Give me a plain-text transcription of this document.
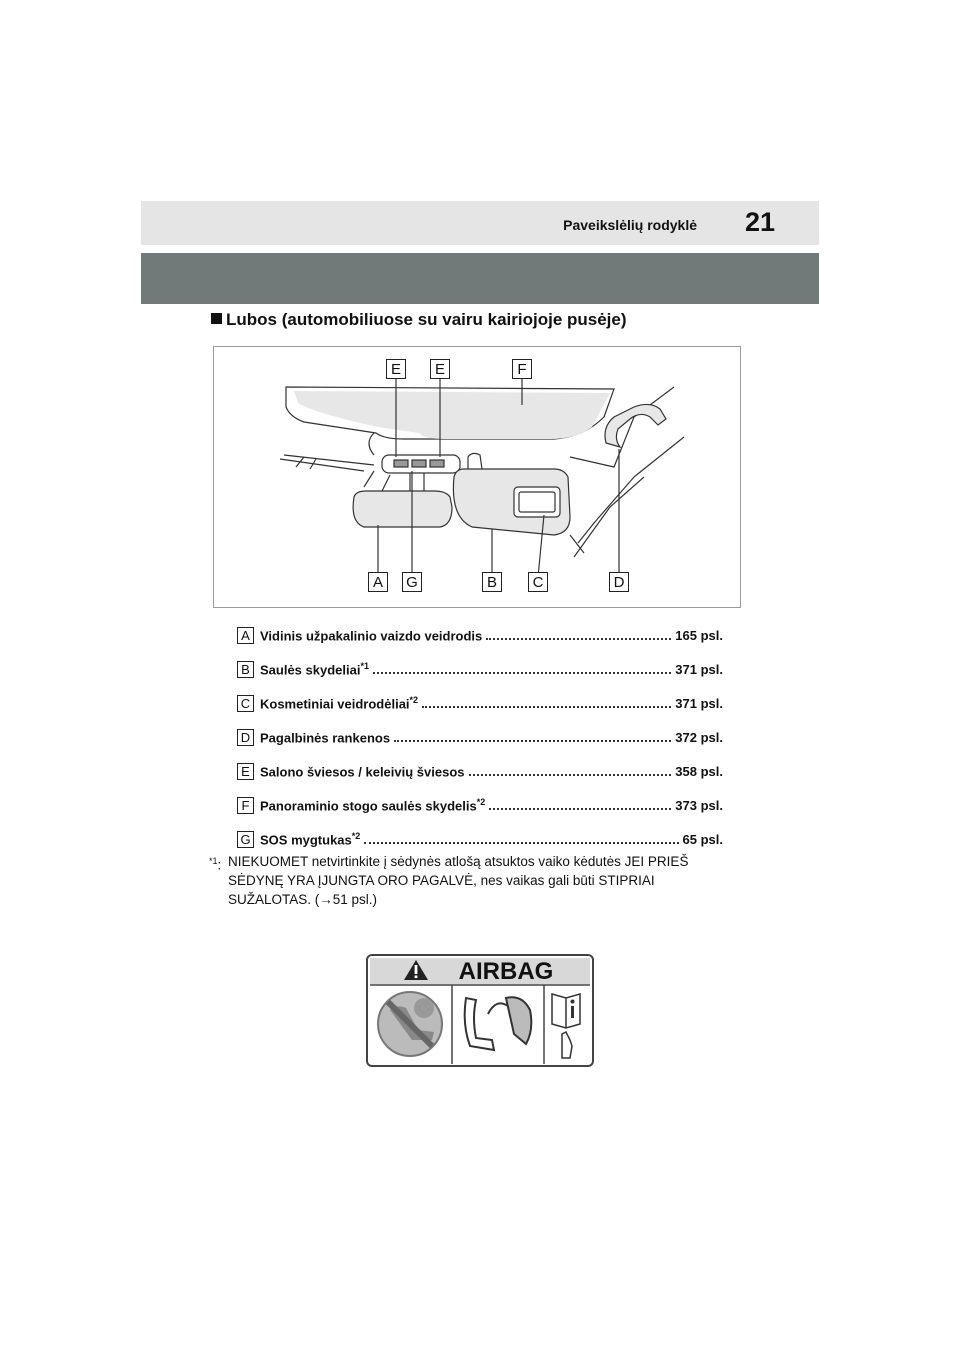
Paveikslėlių rodyklė 21
Lubos (automobiliuose su vairu kairiojoje pusėje)
E	E	F
A	G	B	C	D
A Vidinis užpakalinio vaizdo veidrodis	165 psl.
B Saulės skydeliai$^{*1}$	371 psl.
C Kosmetiniai veidrodėliai$^{*2}$	371 psl.
D Pagalbinės rankenos	372 psl.
E Salono šviesos / keleivių šviesos	358 psl.
F Panoraminio stogo saulės skydelis$^{*2}$	373 psl.
G SOS mygtukas$^{*2}$	65 psl.
$^{*1}$: NIEKUOMET netvirtinkite į sėdynės atlošą atsuktos vaiko kėdutės JEI PRIEŠ SĖDYNĘ YRA ĮJUNGTA ORO PAGALVĖ, nes vaikas gali būti STIPRIAI SUŽALOTAS. (→51 psl.)
AIRBAG
